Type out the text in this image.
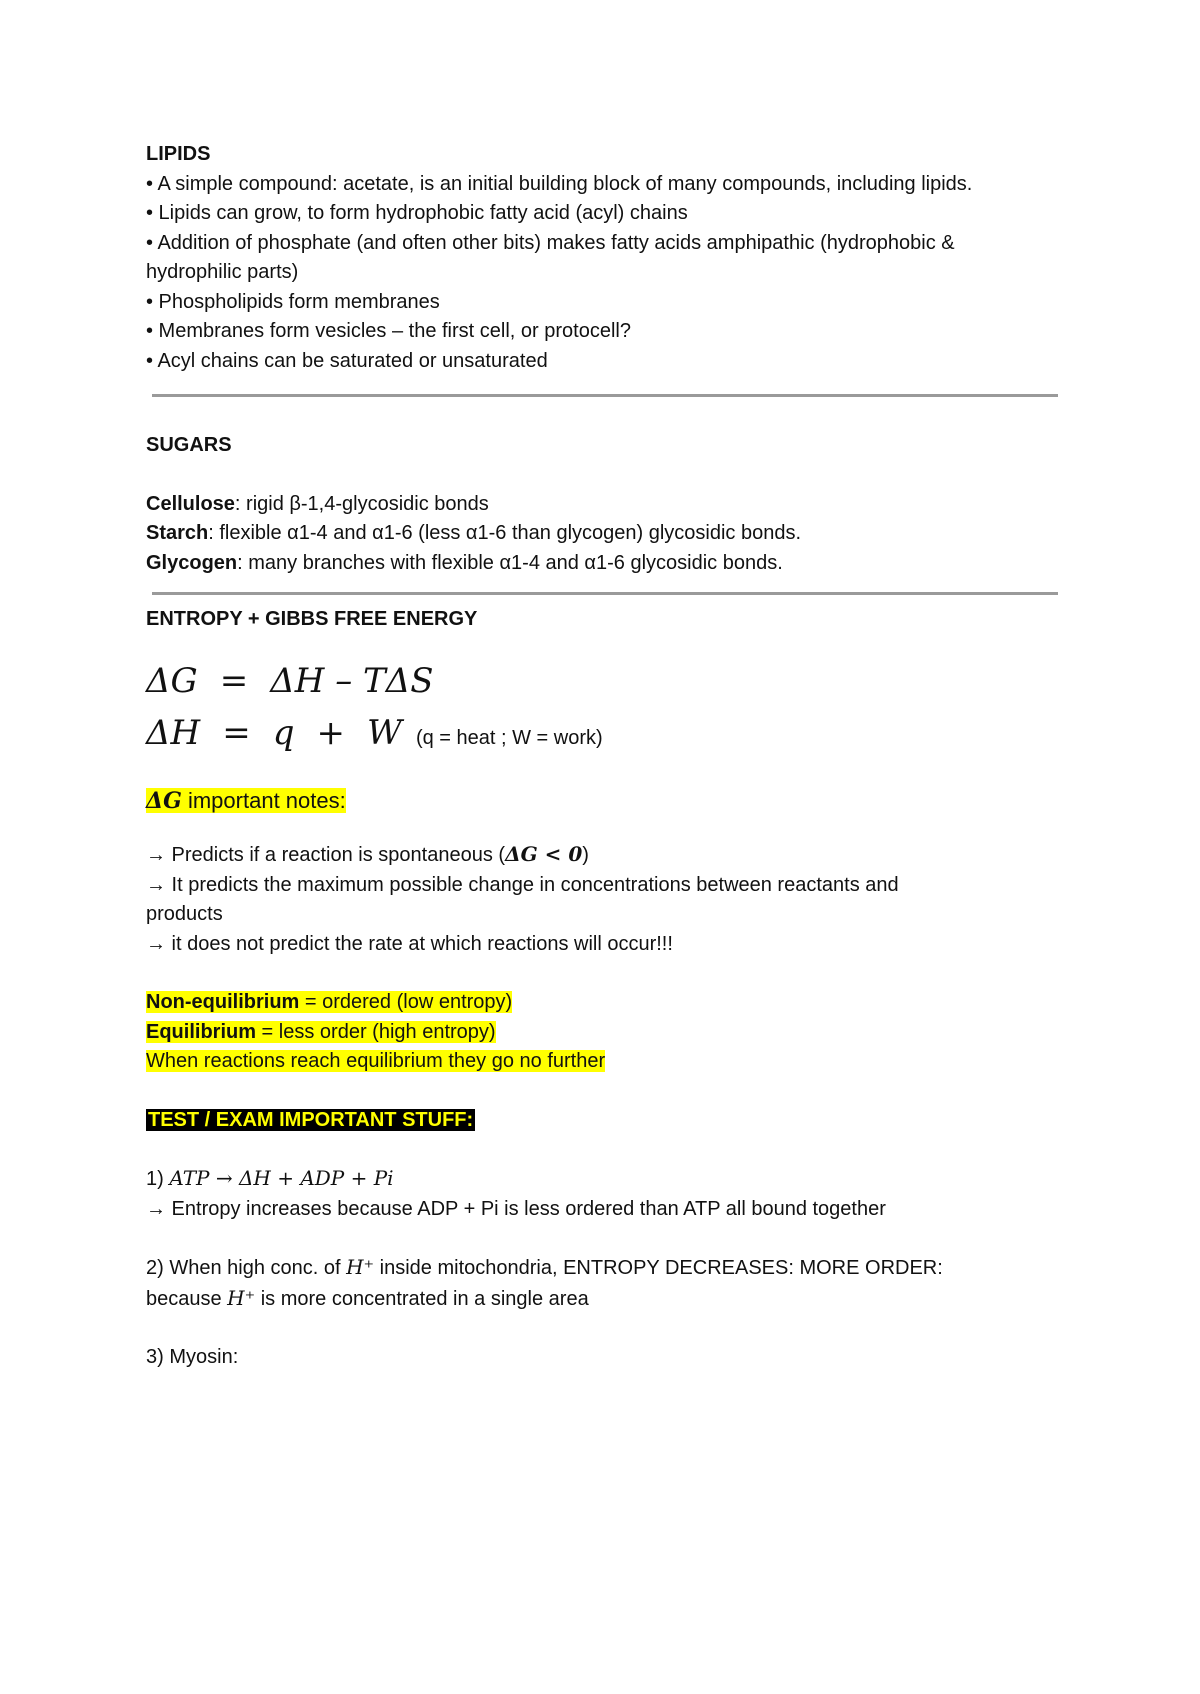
LIPIDS

• A simple compound: acetate, is an initial building block of many compounds, including lipids.

• Lipids can grow, to form hydrophobic fatty acid (acyl) chains

• Addition of phosphate (and often other bits) makes fatty acids amphipathic (hydrophobic &

hydrophilic parts)

• Phospholipids form membranes

• Membranes form vesicles – the first cell, or protocell?

• Acyl chains can be saturated or unsaturated

SUGARS

Cellulose: rigid β-1,4-glycosidic bonds

Starch: flexible α1-4 and α1-6 (less α1-6 than glycogen) glycosidic bonds.

Glycogen: many branches with flexible α1-4 and α1-6 glycosidic bonds.

ENTROPY + GIBBS FREE ENERGY

ΔG = ΔH – TΔS

ΔH = q + W (q = heat ; W = work)

ΔG important notes:

→ Predicts if a reaction is spontaneous (ΔG < 0)

→ It predicts the maximum possible change in concentrations between reactants and

products

→ it does not predict the rate at which reactions will occur!!!

Non-equilibrium = ordered (low entropy)

Equilibrium = less order (high entropy)

When reactions reach equilibrium they go no further

TEST / EXAM IMPORTANT STUFF:

1) ATP → ΔH + ADP + Pi

→ Entropy increases because ADP + Pi is less ordered than ATP all bound together

2) When high conc. of H⁺ inside mitochondria, ENTROPY DECREASES: MORE ORDER:

because H⁺ is more concentrated in a single area

3) Myosin:
